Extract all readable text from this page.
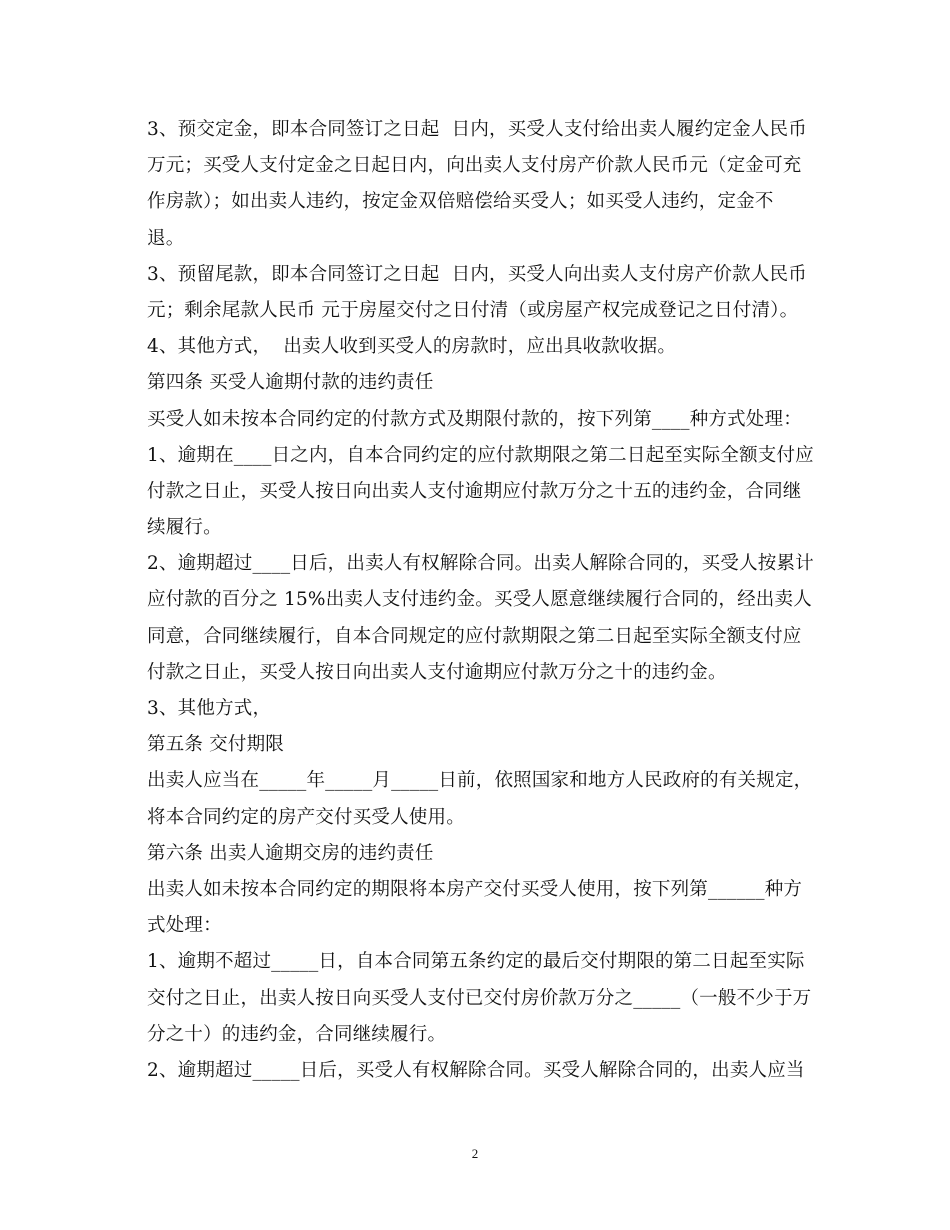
3、预交定金，即本合同签订之日起  日内，买受人支付给出卖人履约定金人民币
万元；买受人支付定金之日起日内，向出卖人支付房产价款人民币元（定金可充
作房款）；如出卖人违约，按定金双倍赔偿给买受人；如买受人违约，定金不
退。
3、预留尾款，即本合同签订之日起  日内，买受人向出卖人支付房产价款人民币
元；剩余尾款人民币 元于房屋交付之日付清（或房屋产权完成登记之日付清）。
4、其他方式，  出卖人收到买受人的房款时，应出具收款收据。
第四条 买受人逾期付款的违约责任
买受人如未按本合同约定的付款方式及期限付款的，按下列第____种方式处理：
1、逾期在____日之内，自本合同约定的应付款期限之第二日起至实际全额支付应
付款之日止，买受人按日向出卖人支付逾期应付款万分之十五的违约金，合同继
续履行。
2、逾期超过____日后，出卖人有权解除合同。出卖人解除合同的，买受人按累计
应付款的百分之 15%出卖人支付违约金。买受人愿意继续履行合同的，经出卖人
同意，合同继续履行，自本合同规定的应付款期限之第二日起至实际全额支付应
付款之日止，买受人按日向出卖人支付逾期应付款万分之十的违约金。
3、其他方式，
第五条 交付期限
出卖人应当在_____年_____月_____日前，依照国家和地方人民政府的有关规定，
将本合同约定的房产交付买受人使用。
第六条 出卖人逾期交房的违约责任
出卖人如未按本合同约定的期限将本房产交付买受人使用，按下列第______种方
式处理：
1、逾期不超过_____日，自本合同第五条约定的最后交付期限的第二日起至实际
交付之日止，出卖人按日向买受人支付已交付房价款万分之_____（一般不少于万
分之十）的违约金，合同继续履行。
2、逾期超过_____日后，买受人有权解除合同。买受人解除合同的，出卖人应当
2
